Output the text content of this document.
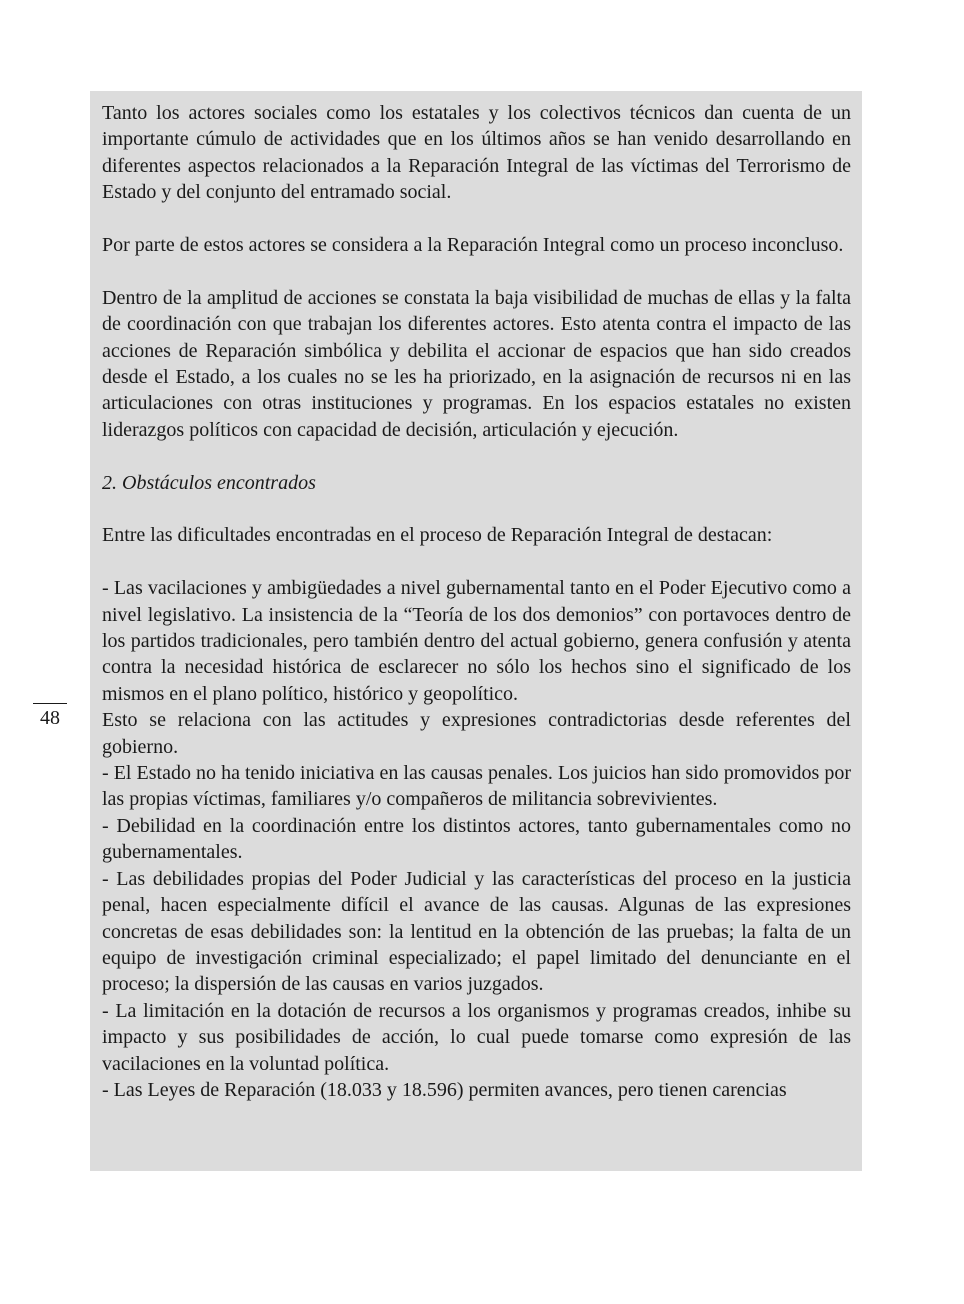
48

Tanto los actores sociales como los estatales y los colectivos técnicos dan cuenta de un importante cúmulo de actividades que en los últimos años se han venido desarrollando en diferentes aspectos relacionados a la Reparación Integral de las víctimas del Terrorismo de Estado y del conjunto del entramado social.

Por parte de estos actores se considera a la Reparación Integral como un proceso inconcluso.

Dentro de la amplitud de acciones se constata la baja visibilidad de muchas de ellas y la falta de coordinación con que trabajan los diferentes actores. Esto atenta contra el impacto de las acciones de Reparación simbólica y debilita el accionar de espacios que han sido creados desde el Estado, a los cuales no se les ha priorizado, en la asignación de recursos ni en las articulaciones con otras instituciones y programas. En los espacios estatales no existen liderazgos políticos con capacidad de decisión, articulación y ejecución.

2. Obstáculos encontrados

Entre las dificultades encontradas en el proceso de Reparación Integral de destacan:

- Las vacilaciones y ambigüedades a nivel gubernamental tanto en el Poder Ejecutivo como a nivel legislativo. La insistencia de la “Teoría de los dos demonios” con portavoces dentro de los partidos tradicionales, pero también dentro del actual gobierno, genera confusión y atenta contra la necesidad histórica de esclarecer no sólo los hechos sino el significado de los mismos en el plano político, histórico y geopolítico.

Esto se relaciona con las actitudes y expresiones contradictorias desde referentes del gobierno.

- El Estado no ha tenido iniciativa en las causas penales. Los juicios han sido promovidos por las propias víctimas, familiares y/o compañeros de militancia sobrevivientes.

- Debilidad en la coordinación entre los distintos actores, tanto gubernamentales como no gubernamentales.

- Las debilidades propias del Poder Judicial y las características del proceso en la justicia penal, hacen especialmente difícil el avance de las causas. Algunas de las expresiones concretas de esas debilidades son: la lentitud en la obtención de las pruebas; la falta de un equipo de investigación criminal especializado; el papel limitado del denunciante en el proceso; la dispersión de las causas en varios juzgados.

- La limitación en la dotación de recursos a los organismos y programas creados, inhibe su impacto y sus posibilidades de acción, lo cual puede tomarse como expresión de las vacilaciones en la voluntad política.

- Las Leyes de Reparación (18.033 y 18.596) permiten avances, pero tienen carencias
